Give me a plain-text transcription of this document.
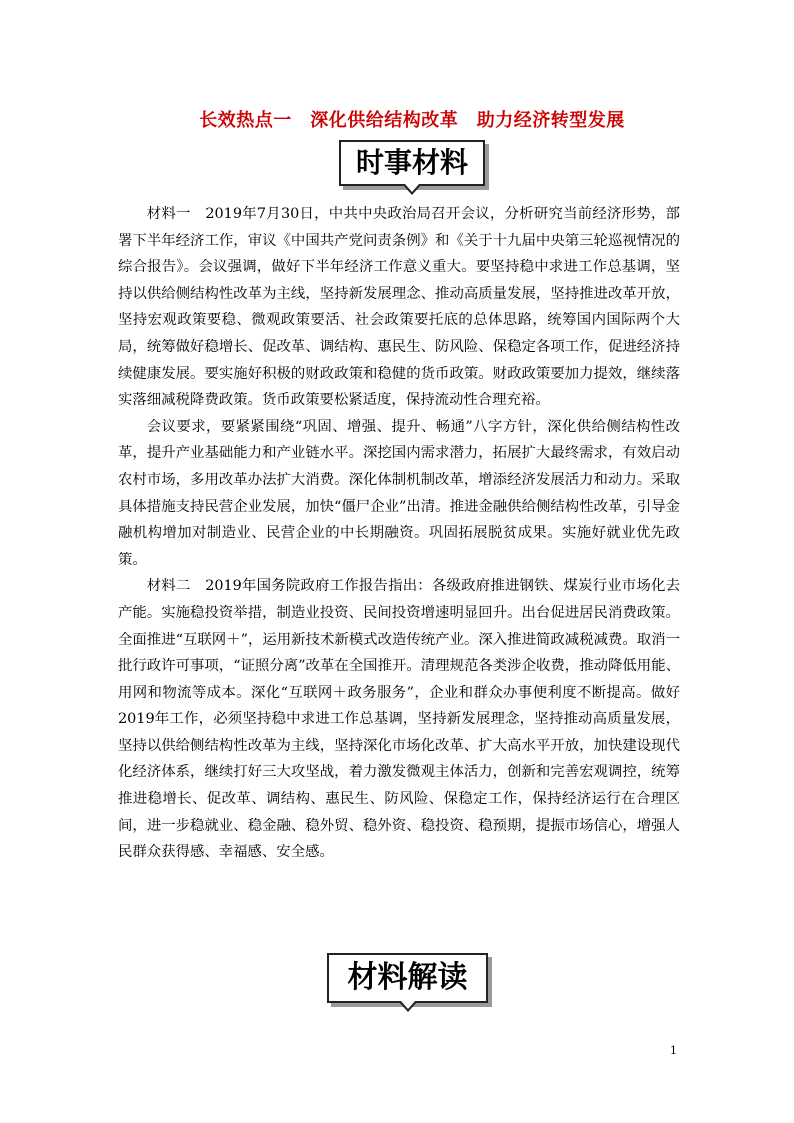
长效热点一　深化供给结构改革　助力经济转型发展
时事材料

材料一　2019年7月30日，中共中央政治局召开会议，分析研究当前经济形势，部署下半年经济工作，审议《中国共产党问责条例》和《关于十九届中央第三轮巡视情况的综合报告》。会议强调，做好下半年经济工作意义重大。要坚持稳中求进工作总基调，坚持以供给侧结构性改革为主线，坚持新发展理念、推动高质量发展，坚持推进改革开放，坚持宏观政策要稳、微观政策要活、社会政策要托底的总体思路，统筹国内国际两个大局，统筹做好稳增长、促改革、调结构、惠民生、防风险、保稳定各项工作，促进经济持续健康发展。要实施好积极的财政政策和稳健的货币政策。财政政策要加力提效，继续落实落细减税降费政策。货币政策要松紧适度，保持流动性合理充裕。

会议要求，要紧紧围绕“巩固、增强、提升、畅通”八字方针，深化供给侧结构性改革，提升产业基础能力和产业链水平。深挖国内需求潜力，拓展扩大最终需求，有效启动农村市场，多用改革办法扩大消费。深化体制机制改革，增添经济发展活力和动力。采取具体措施支持民营企业发展，加快“僵尸企业”出清。推进金融供给侧结构性改革，引导金融机构增加对制造业、民营企业的中长期融资。巩固拓展脱贫成果。实施好就业优先政策。

材料二　2019年国务院政府工作报告指出：各级政府推进钢铁、煤炭行业市场化去产能。实施稳投资举措，制造业投资、民间投资增速明显回升。出台促进居民消费政策。全面推进“互联网＋”，运用新技术新模式改造传统产业。深入推进简政减税减费。取消一批行政许可事项，“证照分离”改革在全国推开。清理规范各类涉企收费，推动降低用能、用网和物流等成本。深化“互联网＋政务服务”，企业和群众办事便利度不断提高。做好2019年工作，必须坚持稳中求进工作总基调，坚持新发展理念，坚持推动高质量发展，坚持以供给侧结构性改革为主线，坚持深化市场化改革、扩大高水平开放，加快建设现代化经济体系，继续打好三大攻坚战，着力激发微观主体活力，创新和完善宏观调控，统筹推进稳增长、促改革、调结构、惠民生、防风险、保稳定工作，保持经济运行在合理区间，进一步稳就业、稳金融、稳外贸、稳外资、稳投资、稳预期，提振市场信心，增强人民群众获得感、幸福感、安全感。

材料解读
1
